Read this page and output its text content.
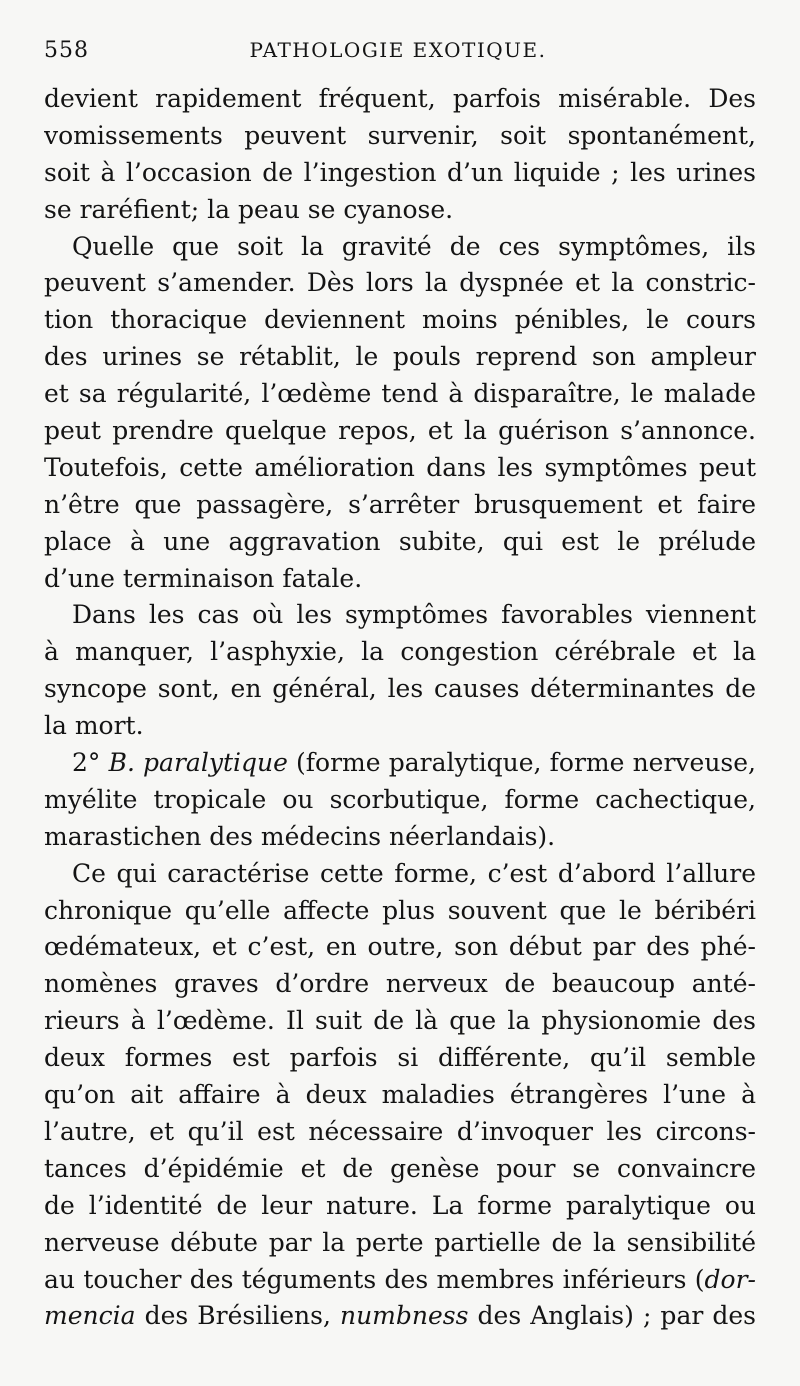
558	PATHOLOGIE EXOTIQUE.
devient rapidement fréquent, parfois misérable. Des
vomissements peuvent survenir, soit spontanément,
soit à l’occasion de l’ingestion d’un liquide ; les urines
se raréfient; la peau se cyanose.
Quelle que soit la gravité de ces symptômes, ils
peuvent s’amender. Dès lors la dyspnée et la constric-
tion thoracique deviennent moins pénibles, le cours
des urines se rétablit, le pouls reprend son ampleur
et sa régularité, l’œdème tend à disparaître, le malade
peut prendre quelque repos, et la guérison s’annonce.
Toutefois, cette amélioration dans les symptômes peut
n’être que passagère, s’arrêter brusquement et faire
place à une aggravation subite, qui est le prélude
d’une terminaison fatale.
Dans les cas où les symptômes favorables viennent
à manquer, l’asphyxie, la congestion cérébrale et la
syncope sont, en général, les causes déterminantes de
la mort.
2° B. paralytique (forme paralytique, forme nerveuse,
myélite tropicale ou scorbutique, forme cachectique,
marastichen des médecins néerlandais).
Ce qui caractérise cette forme, c’est d’abord l’allure
chronique qu’elle affecte plus souvent que le béribéri
œdémateux, et c’est, en outre, son début par des phé-
nomènes graves d’ordre nerveux de beaucoup anté-
rieurs à l’œdème. Il suit de là que la physionomie des
deux formes est parfois si différente, qu’il semble
qu’on ait affaire à deux maladies étrangères l’une à
l’autre, et qu’il est nécessaire d’invoquer les circons-
tances d’épidémie et de genèse pour se convaincre
de l’identité de leur nature. La forme paralytique ou
nerveuse débute par la perte partielle de la sensibilité
au toucher des téguments des membres inférieurs (dor-
mencia des Brésiliens, numbness des Anglais) ; par des
